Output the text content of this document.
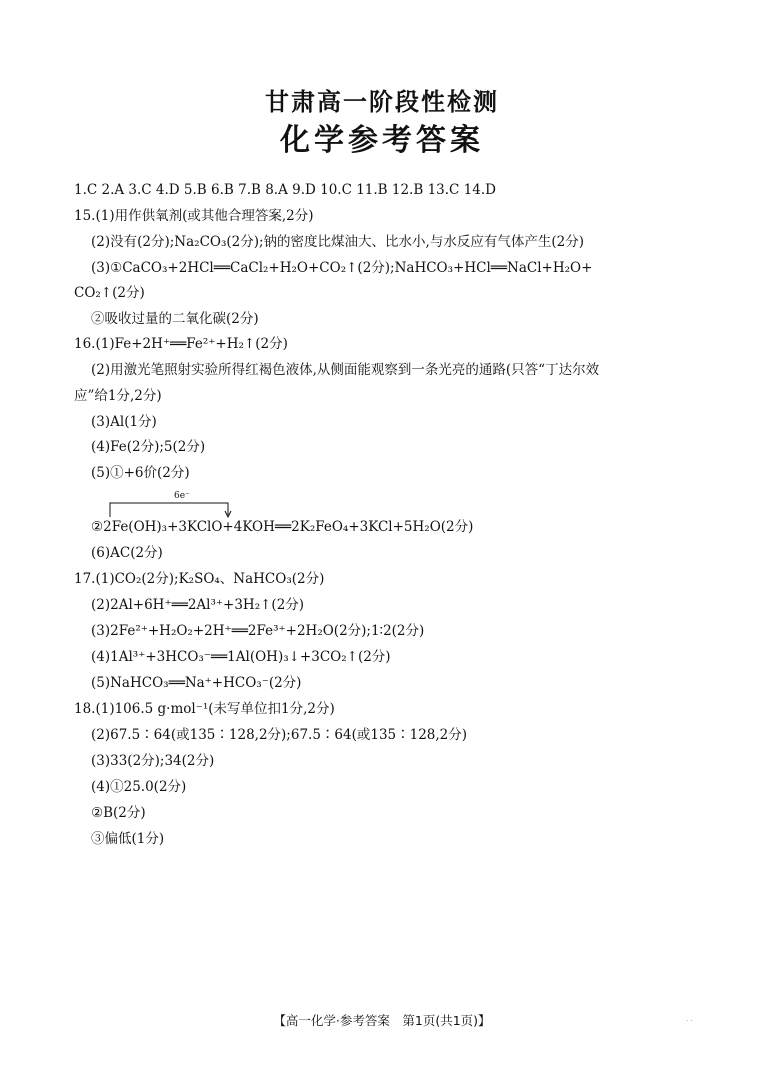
甘肃高一阶段性检测
化学参考答案
1.C 2.A 3.C 4.D 5.B 6.B 7.B 8.A 9.D 10.C 11.B 12.B 13.C 14.D
15.(1)用作供氧剂(或其他合理答案,2分)
(2)没有(2分);Na₂CO₃(2分);钠的密度比煤油大、比水小,与水反应有气体产生(2分)
(3)①CaCO₃+2HCl══CaCl₂+H₂O+CO₂↑(2分);NaHCO₃+HCl══NaCl+H₂O+
CO₂↑(2分)
②吸收过量的二氧化碳(2分)
16.(1)Fe+2H⁺══Fe²⁺+H₂↑(2分)
(2)用激光笔照射实验所得红褐色液体,从侧面能观察到一条光亮的通路(只答“丁达尔效
应”给1分,2分)
(3)Al(1分)
(4)Fe(2分);5(2分)
(5)①+6价(2分)
6e⁻
②2Fe(OH)₃+3KClO+4KOH══2K₂FeO₄+3KCl+5H₂O(2分)
(6)AC(2分)
17.(1)CO₂(2分);K₂SO₄、NaHCO₃(2分)
(2)2Al+6H⁺══2Al³⁺+3H₂↑(2分)
(3)2Fe²⁺+H₂O₂+2H⁺══2Fe³⁺+2H₂O(2分);1∶2(2分)
(4)1Al³⁺+3HCO₃⁻══1Al(OH)₃↓+3CO₂↑(2分)
(5)NaHCO₃══Na⁺+HCO₃⁻(2分)
18.(1)106.5 g·mol⁻¹(未写单位扣1分,2分)
(2)67.5∶64(或135∶128,2分);67.5∶64(或135∶128,2分)
(3)33(2分);34(2分)
(4)①25.0(2分)
②B(2分)
③偏低(1分)
【高一化学·参考答案　第1页(共1页)】	· ·
